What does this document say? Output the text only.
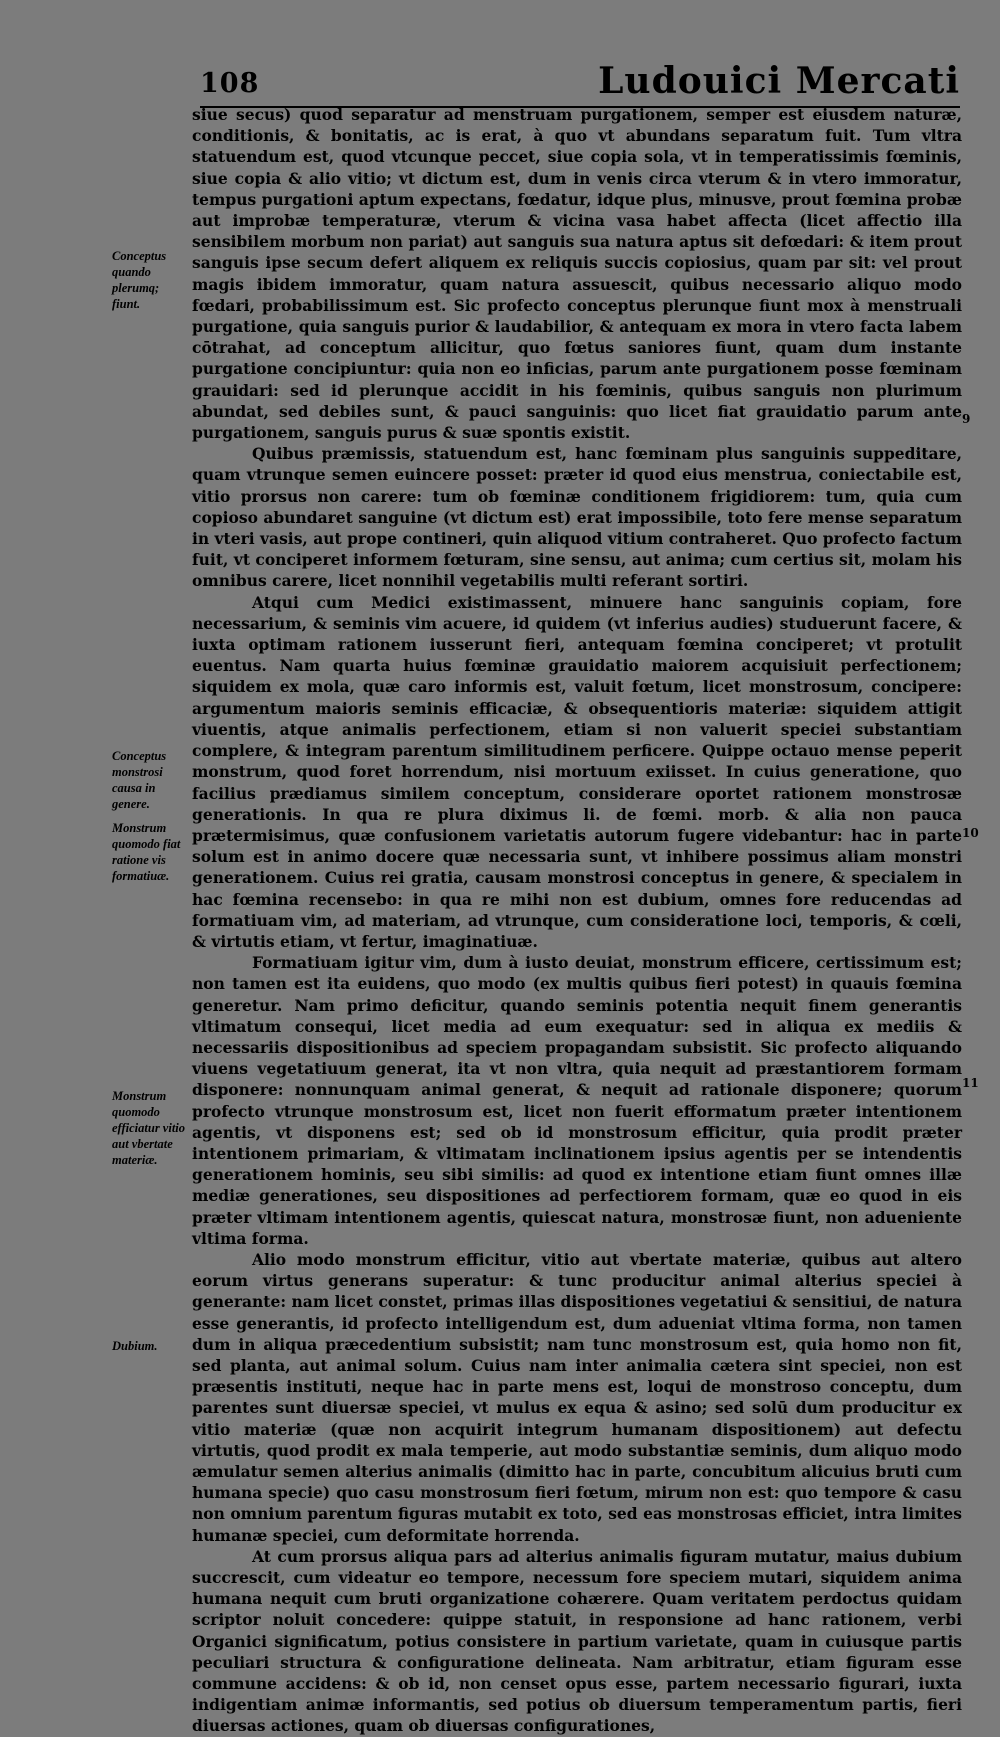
108	Ludouici Mercati
Conceptus quando plerumq; fiunt.
Conceptus monstrosi causa in genere.
Monstrum quomodo fiat ratione vis formatiuæ.
Monstrum quomodo efficiatur vitio aut vbertate materiæ.
Dubium.
9
10
11

siue secus) quod separatur ad menstruam purgationem, semper est eiusdem naturæ, conditionis, & bonitatis, ac is erat, à quo vt abundans separatum fuit. Tum vltra statuendum est, quod vtcunque peccet, siue copia sola, vt in temperatissimis fœminis, siue copia & alio vitio; vt dictum est, dum in venis circa vterum & in vtero immoratur, tempus purgationi aptum expectans, fœdatur, idque plus, minusve, prout fœmina probæ aut improbæ temperaturæ, vterum & vicina vasa habet affecta (licet affectio illa sensibilem morbum non pariat) aut sanguis sua natura aptus sit defœdari: & item prout sanguis ipse secum defert aliquem ex reliquis succis copiosius, quam par sit: vel prout magis ibidem immoratur, quam natura assuescit, quibus necessario aliquo modo fœdari, probabilissimum est. Sic profecto conceptus plerunque fiunt mox à menstruali purgatione, quia sanguis purior & laudabilior, & antequam ex mora in vtero facta labem cōtrahat, ad conceptum allicitur, quo fœtus saniores fiunt, quam dum instante purgatione concipiuntur: quia non eo inficias, parum ante purgationem posse fœminam grauidari: sed id plerunque accidit in his fœminis, quibus sanguis non plurimum abundat, sed debiles sunt, & pauci sanguinis: quo licet fiat grauidatio parum ante purgationem, sanguis purus & suæ spontis existit.

Quibus præmissis, statuendum est, hanc fœminam plus sanguinis suppeditare, quam vtrunque semen euincere posset: præter id quod eius menstrua, coniectabile est, vitio prorsus non carere: tum ob fœminæ conditionem frigidiorem: tum, quia cum copioso abundaret sanguine (vt dictum est) erat impossibile, toto fere mense separatum in vteri vasis, aut prope contineri, quin aliquod vitium contraheret. Quo profecto factum fuit, vt conciperet informem fœturam, sine sensu, aut anima; cum certius sit, molam his omnibus carere, licet nonnihil vegetabilis multi referant sortiri.

Atqui cum Medici existimassent, minuere hanc sanguinis copiam, fore necessarium, & seminis vim acuere, id quidem (vt inferius audies) studuerunt facere, & iuxta optimam rationem iusserunt fieri, antequam fœmina conciperet; vt protulit euentus. Nam quarta huius fœminæ grauidatio maiorem acquisiuit perfectionem; siquidem ex mola, quæ caro informis est, valuit fœtum, licet monstrosum, concipere: argumentum maioris seminis efficaciæ, & obsequentioris materiæ: siquidem attigit viuentis, atque animalis perfectionem, etiam si non valuerit speciei substantiam complere, & integram parentum similitudinem perficere. Quippe octauo mense peperit monstrum, quod foret horrendum, nisi mortuum exiisset. In cuius generatione, quo facilius prædiamus similem conceptum, considerare oportet rationem monstrosæ generationis. In qua re plura diximus li. de fœmi. morb. & alia non pauca prætermisimus, quæ confusionem varietatis autorum fugere videbantur: hac in parte solum est in animo docere quæ necessaria sunt, vt inhibere possimus aliam monstri generationem. Cuius rei gratia, causam monstrosi conceptus in genere, & specialem in hac fœmina recensebo: in qua re mihi non est dubium, omnes fore reducendas ad formatiuam vim, ad materiam, ad vtrunque, cum consideratione loci, temporis, & cœli, & virtutis etiam, vt fertur, imaginatiuæ.

Formatiuam igitur vim, dum à iusto deuiat, monstrum efficere, certissimum est; non tamen est ita euidens, quo modo (ex multis quibus fieri potest) in quauis fœmina generetur. Nam primo deficitur, quando seminis potentia nequit finem generantis vltimatum consequi, licet media ad eum exequatur: sed in aliqua ex mediis & necessariis dispositionibus ad speciem propagandam subsistit. Sic profecto aliquando viuens vegetatiuum generat, ita vt non vltra, quia nequit ad præstantiorem formam disponere: nonnunquam animal generat, & nequit ad rationale disponere; quorum profecto vtrunque monstrosum est, licet non fuerit efformatum præter intentionem agentis, vt disponens est; sed ob id monstrosum efficitur, quia prodit præter intentionem primariam, & vltimatam inclinationem ipsius agentis per se intendentis generationem hominis, seu sibi similis: ad quod ex intentione etiam fiunt omnes illæ mediæ generationes, seu dispositiones ad perfectiorem formam, quæ eo quod in eis præter vltimam intentionem agentis, quiescat natura, monstrosæ fiunt, non adueniente vltima forma.

Alio modo monstrum efficitur, vitio aut vbertate materiæ, quibus aut altero eorum virtus generans superatur: & tunc producitur animal alterius speciei à generante: nam licet constet, primas illas dispositiones vegetatiui & sensitiui, de natura esse generantis, id profecto intelligendum est, dum adueniat vltima forma, non tamen dum in aliqua præcedentium subsistit; nam tunc monstrosum est, quia homo non fit, sed planta, aut animal solum. Cuius nam inter animalia cætera sint speciei, non est præsentis instituti, neque hac in parte mens est, loqui de monstroso conceptu, dum parentes sunt diuersæ speciei, vt mulus ex equa & asino; sed solū dum producitur ex vitio materiæ (quæ non acquirit integrum humanam dispositionem) aut defectu virtutis, quod prodit ex mala temperie, aut modo substantiæ seminis, dum aliquo modo æmulatur semen alterius animalis (dimitto hac in parte, concubitum alicuius bruti cum humana specie) quo casu monstrosum fieri fœtum, mirum non est: quo tempore & casu non omnium parentum figuras mutabit ex toto, sed eas monstrosas efficiet, intra limites humanæ speciei, cum deformitate horrenda.

At cum prorsus aliqua pars ad alterius animalis figuram mutatur, maius dubium succrescit, cum videatur eo tempore, necessum fore speciem mutari, siquidem anima humana nequit cum bruti organizatione cohærere. Quam veritatem perdoctus quidam scriptor noluit concedere: quippe statuit, in responsione ad hanc rationem, verbi Organici significatum, potius consistere in partium varietate, quam in cuiusque partis peculiari structura & configuratione delineata. Nam arbitratur, etiam figuram esse commune accidens: & ob id, non censet opus esse, partem necessario figurari, iuxta indigentiam animæ informantis, sed potius ob diuersum temperamentum partis, fieri diuersas actiones, quam ob diuersas configurationes,
